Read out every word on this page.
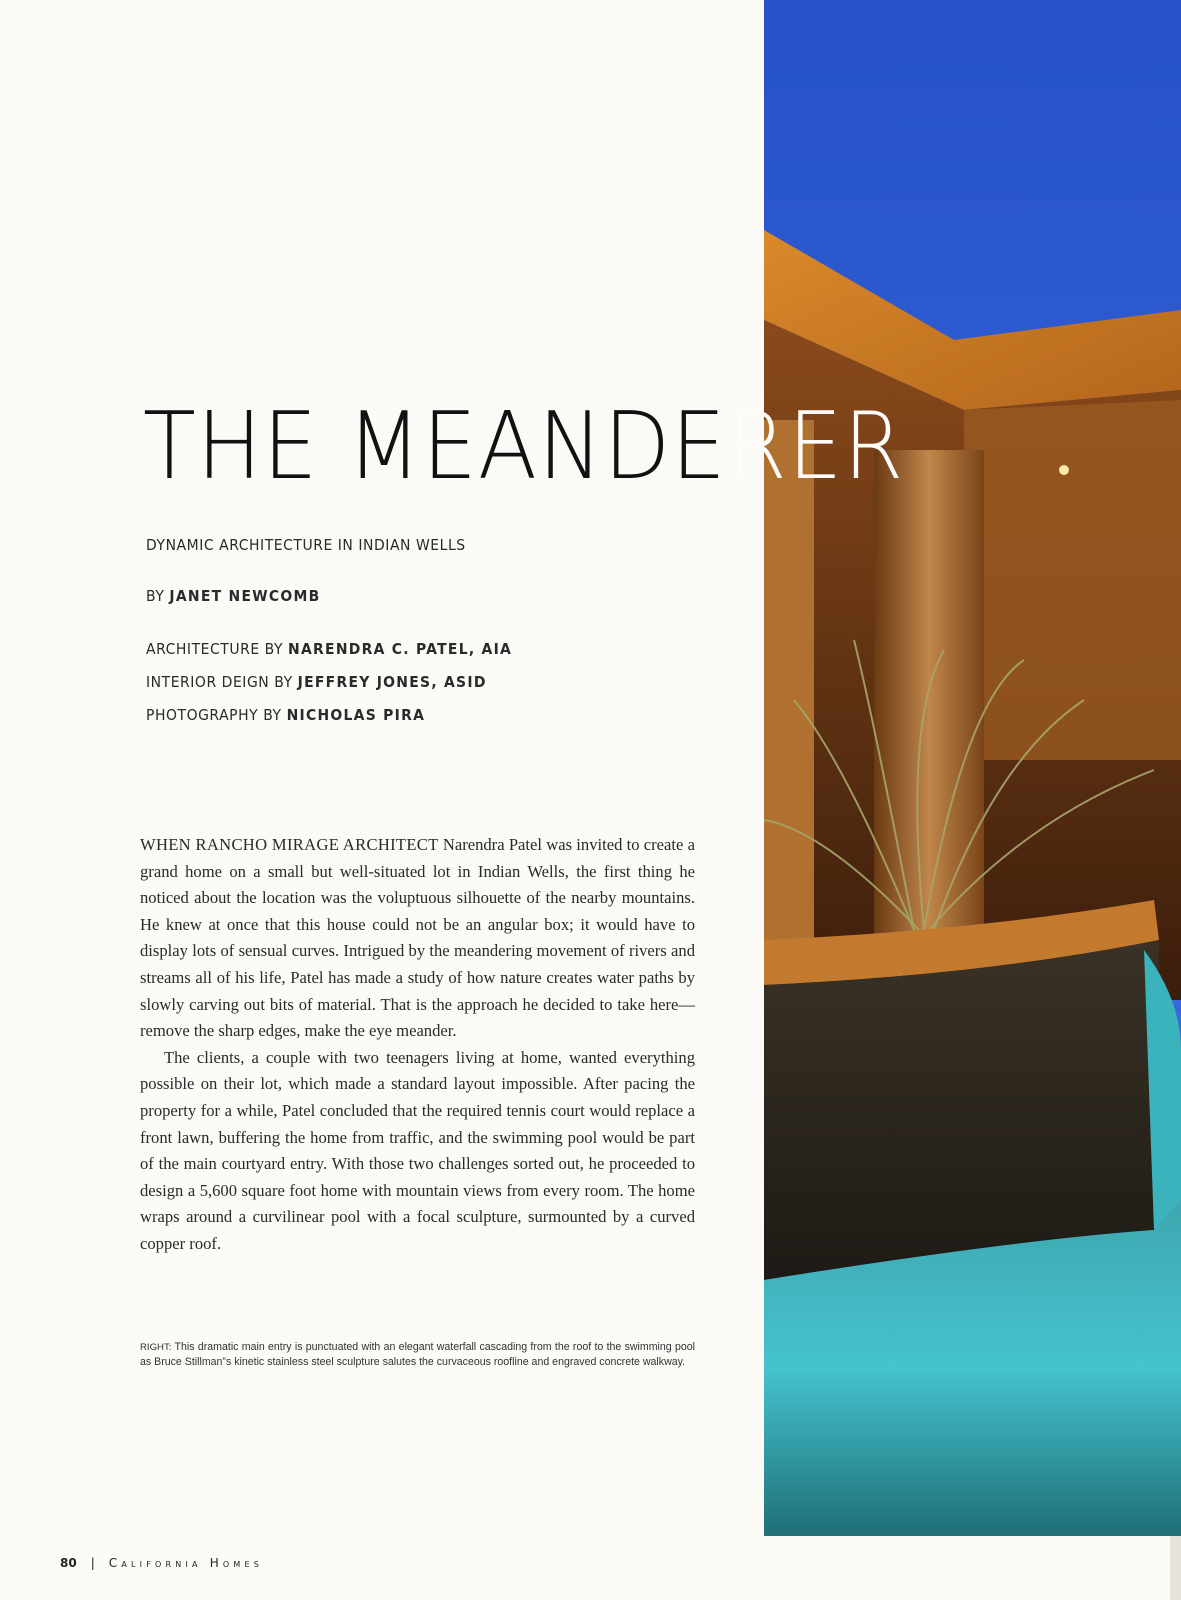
THE MEANDERER
DYNAMIC ARCHITECTURE IN INDIAN WELLS
BY JANET NEWCOMB
ARCHITECTURE BY NARENDRA C. PATEL, AIA
INTERIOR DEIGN BY JEFFREY JONES, ASID
PHOTOGRAPHY BY NICHOLAS PIRA

WHEN RANCHO MIRAGE ARCHITECT Narendra Patel was invited to create a grand home on a small but well-situated lot in Indian Wells, the first thing he noticed about the location was the voluptuous silhouette of the nearby mountains. He knew at once that this house could not be an angular box; it would have to display lots of sensual curves. Intrigued by the meandering movement of rivers and streams all of his life, Patel has made a study of how nature creates water paths by slowly carving out bits of material. That is the approach he decided to take here—remove the sharp edges, make the eye meander.

The clients, a couple with two teenagers living at home, wanted everything possible on their lot, which made a standard layout impossible. After pacing the property for a while, Patel concluded that the required tennis court would replace a front lawn, buffering the home from traffic, and the swimming pool would be part of the main courtyard entry. With those two challenges sorted out, he proceeded to design a 5,600 square foot home with mountain views from every room. The home wraps around a curvilinear pool with a focal sculpture, surmounted by a curved copper roof.

RIGHT: This dramatic main entry is punctuated with an elegant waterfall cascading from the roof to the swimming pool as Bruce Stillman”s kinetic stainless steel sculpture salutes the curvaceous roofline and engraved concrete walkway.
80 | California Homes
